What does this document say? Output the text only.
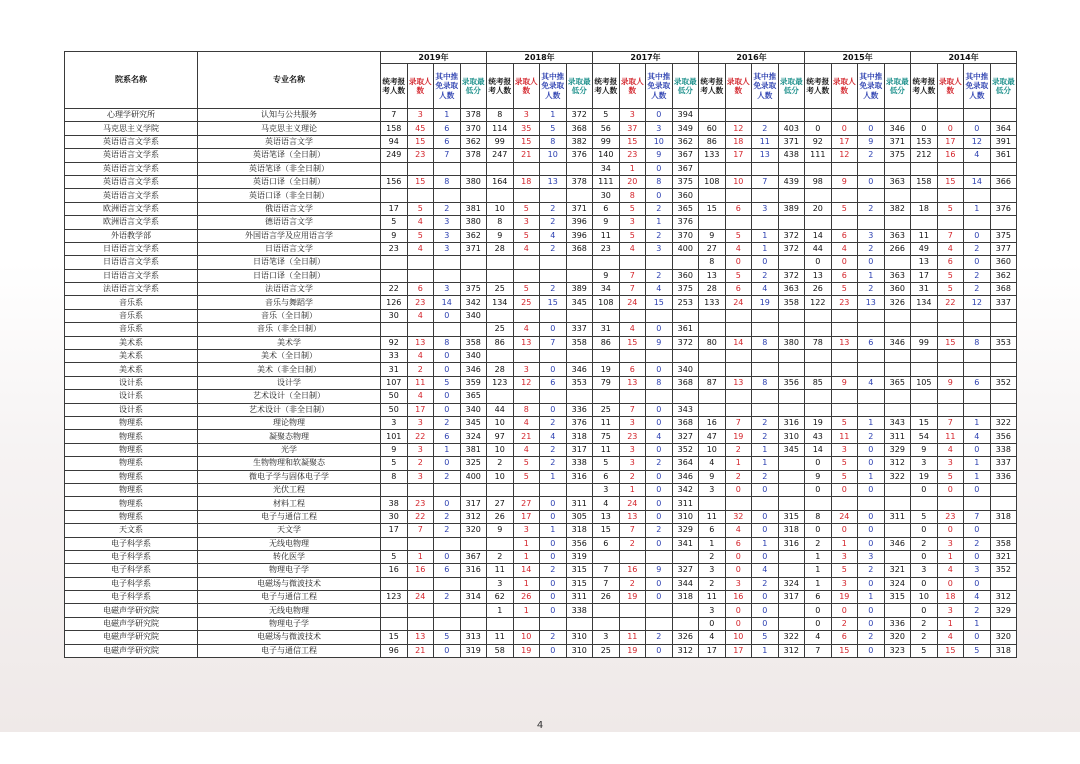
院系名称	专业名称	2019年				2018年				2017年				2016年				2015年				2014年			
		统考报考人数	录取人数	其中推免录取人数	录取最低分	统考报考人数	录取人数	其中推免录取人数	录取最低分	统考报考人数	录取人数	其中推免录取人数	录取最低分	统考报考人数	录取人数	其中推免录取人数	录取最低分	统考报考人数	录取人数	其中推免录取人数	录取最低分	统考报考人数	录取人数	其中推免录取人数	录取最低分
心理学研究所	认知与公共服务	7	3	1	378	8	3	1	372	5	3	0	394												
马克思主义学院	马克思主义理论	158	45	6	370	114	35	5	368	56	37	3	349	60	12	2	403	0	0	0	346	0	0	0	364
英语语言文学系	英语语言文学	94	15	6	362	99	15	8	382	99	15	10	362	86	18	11	371	92	17	9	371	153	17	12	391
英语语言文学系	英语笔译（全日制）	249	23	7	378	247	21	10	376	140	23	9	367	133	17	13	438	111	12	2	375	212	16	4	361
英语语言文学系	英语笔译（非全日制）									34	1	0	367												
英语语言文学系	英语口译（全日制）	156	15	8	380	164	18	13	378	111	20	8	375	108	10	7	439	98	9	0	363	158	15	14	366
英语语言文学系	英语口译（非全日制）									30	8	0	360												
欧洲语言文学系	俄语语言文学	17	5	2	381	10	5	2	371	6	5	2	365	15	6	3	389	20	5	2	382	18	5	1	376
欧洲语言文学系	德语语言文学	5	4	3	380	8	3	2	396	9	3	1	376												
外语教学部	外国语言学及应用语言学	9	5	3	362	9	5	4	396	11	5	2	370	9	5	1	372	14	6	3	363	11	7	0	375
日语语言文学系	日语语言文学	23	4	3	371	28	4	2	368	23	4	3	400	27	4	1	372	44	4	2	266	49	4	2	377
日语语言文学系	日语笔译（全日制）													8	0	0		0	0	0		13	6	0	360
日语语言文学系	日语口译（全日制）									9	7	2	360	13	5	2	372	13	6	1	363	17	5	2	362
法语语言文学系	法语语言文学	22	6	3	375	25	5	2	389	34	7	4	375	28	6	4	363	26	5	2	360	31	5	2	368
音乐系	音乐与舞蹈学	126	23	14	342	134	25	15	345	108	24	15	253	133	24	19	358	122	23	13	326	134	22	12	337
音乐系	音乐（全日制）	30	4	0	340																				
音乐系	音乐（非全日制）					25	4	0	337	31	4	0	361												
美术系	美术学	92	13	8	358	86	13	7	358	86	15	9	372	80	14	8	380	78	13	6	346	99	15	8	353
美术系	美术（全日制）	33	4	0	340																				
美术系	美术（非全日制）	31	2	0	346	28	3	0	346	19	6	0	340												
设计系	设计学	107	11	5	359	123	12	6	353	79	13	8	368	87	13	8	356	85	9	4	365	105	9	6	352
设计系	艺术设计（全日制）	50	4	0	365																				
设计系	艺术设计（非全日制）	50	17	0	340	44	8	0	336	25	7	0	343												
物理系	理论物理	3	3	2	345	10	4	2	376	11	3	0	368	16	7	2	316	19	5	1	343	15	7	1	322
物理系	凝聚态物理	101	22	6	324	97	21	4	318	75	23	4	327	47	19	2	310	43	11	2	311	54	11	4	356
物理系	光学	9	3	1	381	10	4	2	317	11	3	0	352	10	2	1	345	14	3	0	329	9	4	0	338
物理系	生物物理和软凝聚态	5	2	0	325	2	5	2	338	5	3	2	364	4	1	1		0	5	0	312	3	3	1	337
物理系	微电子学与固体电子学	8	3	2	400	10	5	1	316	6	2	0	346	9	2	2		9	5	1	322	19	5	1	336
物理系	光伏工程									3	1	0	342	3	0	0		0	0	0		0	0	0	
物理系	材料工程	38	23	0	317	27	27	0	311	4	24	0	311												
物理系	电子与通信工程	30	22	2	312	26	17	0	305	13	13	0	310	11	32	0	315	8	24	0	311	5	23	7	318
天文系	天文学	17	7	2	320	9	3	1	318	15	7	2	329	6	4	0	318	0	0	0		0	0	0	
电子科学系	无线电物理						1	0	356	6	2	0	341	1	6	1	316	2	1	0	346	2	3	2	358
电子科学系	转化医学	5	1	0	367	2	1	0	319					2	0	0		1	3	3		0	1	0	321
电子科学系	物理电子学	16	16	6	316	11	14	2	315	7	16	9	327	3	0	4		1	5	2	321	3	4	3	352
电子科学系	电磁场与微波技术					3	1	0	315	7	2	0	344	2	3	2	324	1	3	0	324	0	0	0	
电子科学系	电子与通信工程	123	24	2	314	62	26	0	311	26	19	0	318	11	16	0	317	6	19	1	315	10	18	4	312
电磁声学研究院	无线电物理					1	1	0	338					3	0	0		0	0	0		0	3	2	329
电磁声学研究院	物理电子学													0	0	0		0	2	0	336	2	1	1	
电磁声学研究院	电磁场与微波技术	15	13	5	313	11	10	2	310	3	11	2	326	4	10	5	322	4	6	2	320	2	4	0	320
电磁声学研究院	电子与通信工程	96	21	0	319	58	19	0	310	25	19	0	312	17	17	1	312	7	15	0	323	5	15	5	318
4
